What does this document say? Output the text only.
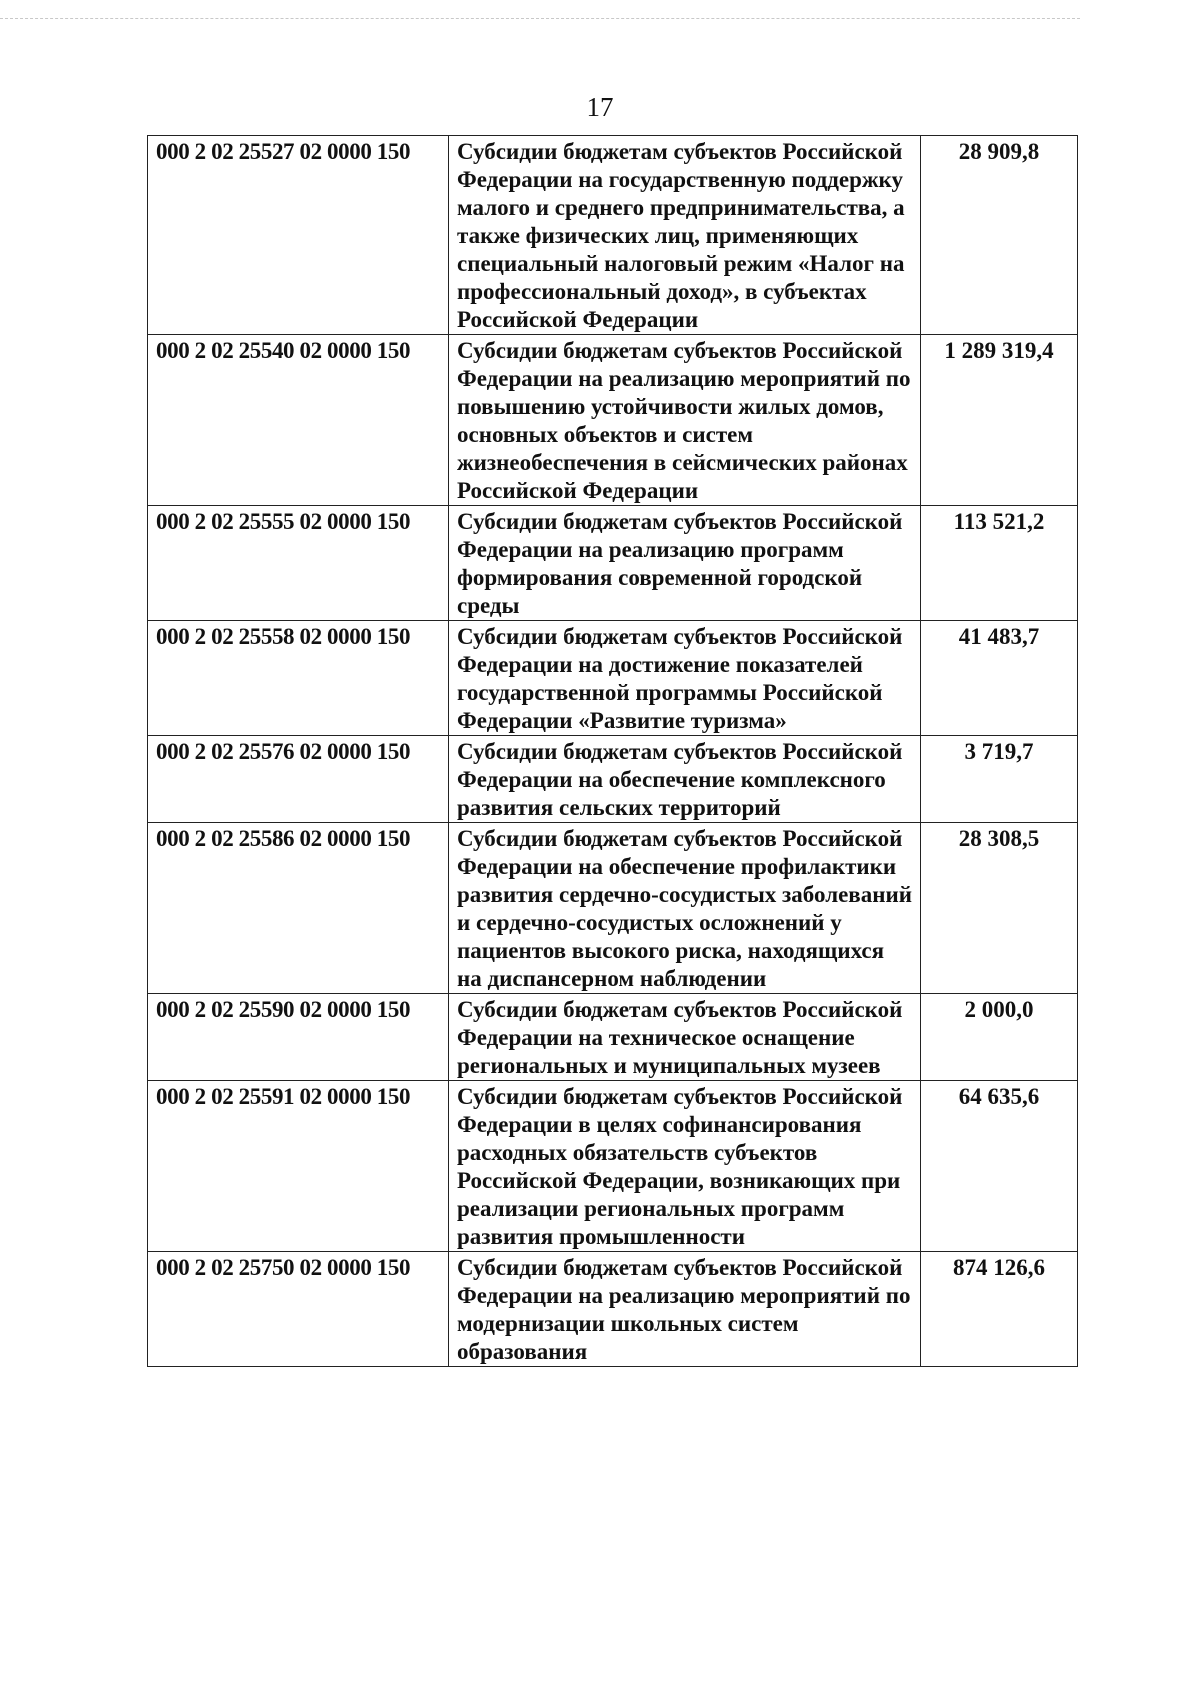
17
000 2 02 25527 02 0000 150	Субсидии бюджетам субъектов Российской Федерации на государственную поддержку малого и среднего предпринимательства, а также физических лиц, применяющих специальный налоговый режим «Налог на профессиональный доход», в субъектах Российской Федерации	28 909,8
000 2 02 25540 02 0000 150	Субсидии бюджетам субъектов Российской Федерации на реализацию мероприятий по повышению устойчивости жилых домов, основных объектов и систем жизнеобеспечения в сейсмических районах Российской Федерации	1 289 319,4
000 2 02 25555 02 0000 150	Субсидии бюджетам субъектов Российской Федерации на реализацию программ формирования современной городской среды	113 521,2
000 2 02 25558 02 0000 150	Субсидии бюджетам субъектов Российской Федерации на достижение показателей государственной программы Российской Федерации «Развитие туризма»	41 483,7
000 2 02 25576 02 0000 150	Субсидии бюджетам субъектов Российской Федерации на обеспечение комплексного развития сельских территорий	3 719,7
000 2 02 25586 02 0000 150	Субсидии бюджетам субъектов Российской Федерации на обеспечение профилактики развития сердечно-сосудистых заболеваний и сердечно-сосудистых осложнений у пациентов высокого риска, находящихся на диспансерном наблюдении	28 308,5
000 2 02 25590 02 0000 150	Субсидии бюджетам субъектов Российской Федерации на техническое оснащение региональных и муниципальных музеев	2 000,0
000 2 02 25591 02 0000 150	Субсидии бюджетам субъектов Российской Федерации в целях софинансирования расходных обязательств субъектов Российской Федерации, возникающих при реализации региональных программ развития промышленности	64 635,6
000 2 02 25750 02 0000 150	Субсидии бюджетам субъектов Российской Федерации на реализацию мероприятий по модернизации школьных систем образования	874 126,6
